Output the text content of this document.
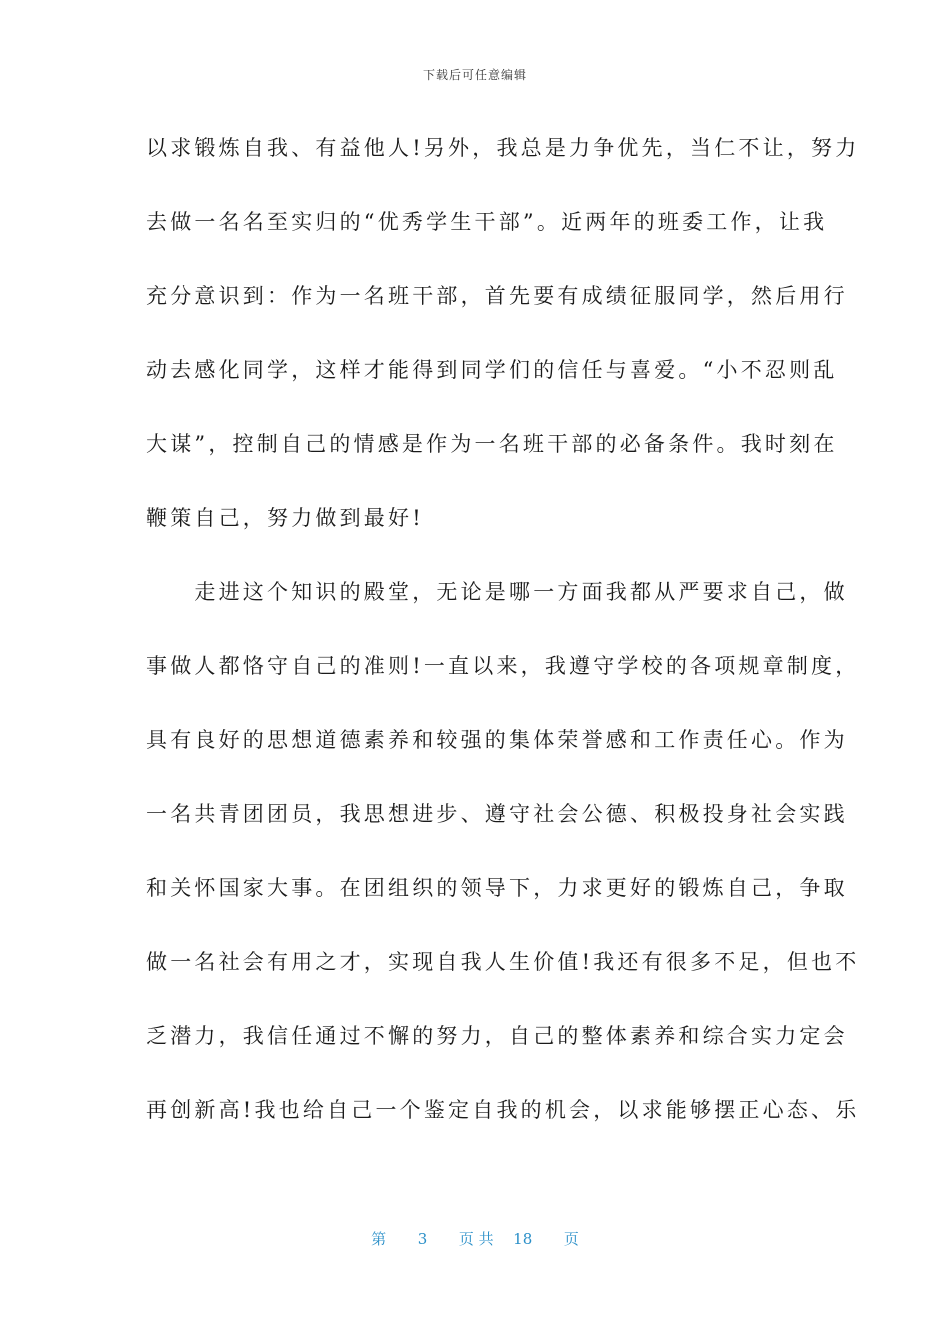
下载后可任意编辑
以求锻炼自我、有益他人!另外，我总是力争优先，当仁不让，努力
去做一名名至实归的“优秀学生干部”。近两年的班委工作，让我
充分意识到：作为一名班干部，首先要有成绩征服同学，然后用行
动去感化同学，这样才能得到同学们的信任与喜爱。“小不忍则乱
大谋”，控制自己的情感是作为一名班干部的必备条件。我时刻在
鞭策自己，努力做到最好!
　　走进这个知识的殿堂，无论是哪一方面我都从严要求自己，做
事做人都恪守自己的准则!一直以来，我遵守学校的各项规章制度，
具有良好的思想道德素养和较强的集体荣誉感和工作责任心。作为
一名共青团团员，我思想进步、遵守社会公德、积极投身社会实践
和关怀国家大事。在团组织的领导下，力求更好的锻炼自己，争取
做一名社会有用之才，实现自我人生价值!我还有很多不足，但也不
乏潜力，我信任通过不懈的努力，自己的整体素养和综合实力定会
再创新高!我也给自己一个鉴定自我的机会，以求能够摆正心态、乐
第 3 页 共 18 页
